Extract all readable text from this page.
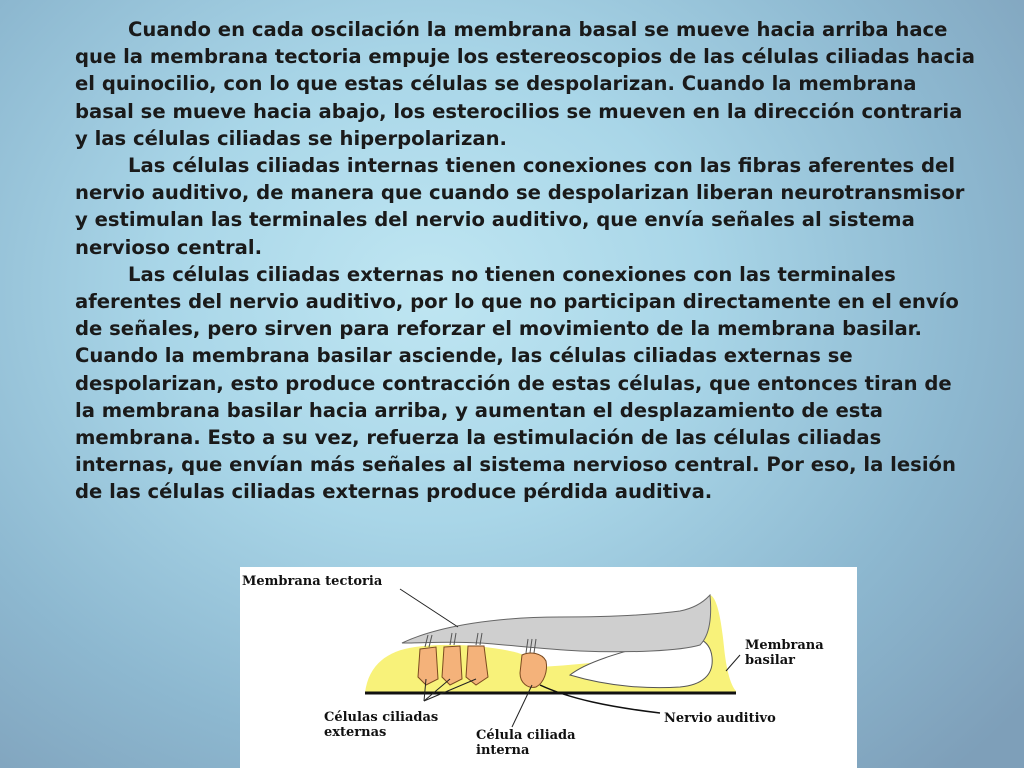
Cuando en cada oscilación la membrana basal se mueve hacia arriba hace que la membrana tectoria empuje los estereoscopios de las células ciliadas hacia el quinocilio, con lo que estas células se despolarizan. Cuando la membrana basal se mueve hacia abajo, los esterocilios se mueven en la dirección contraria y las células ciliadas se hiperpolarizan.

Las células ciliadas internas tienen conexiones con las fibras aferentes del nervio auditivo, de manera que cuando se despolarizan liberan neurotransmisor y estimulan las terminales del nervio auditivo, que envía señales al sistema nervioso central.

Las células ciliadas externas no tienen conexiones con las terminales aferentes del nervio auditivo, por lo que no participan directamente en el envío de señales, pero sirven para reforzar el movimiento de la membrana basilar. Cuando la membrana basilar asciende, las células ciliadas externas se despolarizan, esto produce contracción de estas células, que entonces tiran de la membrana basilar hacia arriba, y aumentan el desplazamiento de esta membrana. Esto a su vez, refuerza la estimulación de las células ciliadas internas, que envían más señales al sistema nervioso central. Por eso, la lesión de las células ciliadas externas produce pérdida auditiva.

Membrana tectoria
Membrana
basilar
Nervio auditivo
Células ciliadas
externas	Célula ciliada
interna
